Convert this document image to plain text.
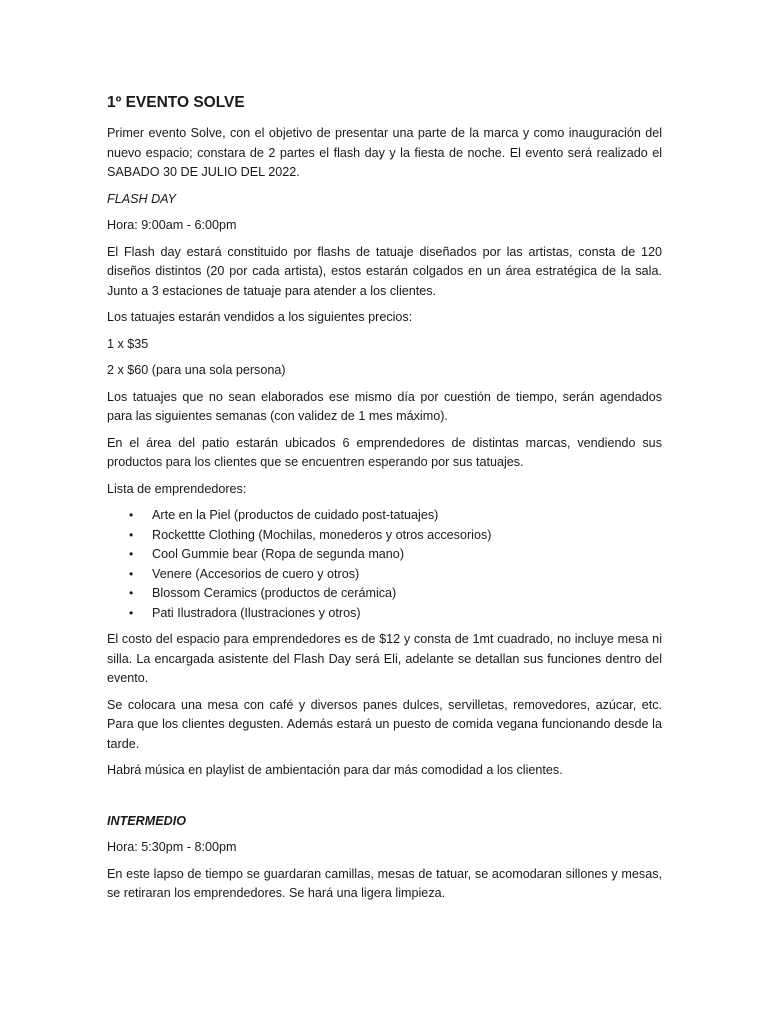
1º EVENTO SOLVE

Primer evento Solve, con el objetivo de presentar una parte de la marca y como inauguración del nuevo espacio; constara de 2 partes el flash day y la fiesta de noche. El evento será realizado el SABADO 30 DE JULIO DEL 2022.

FLASH DAY

Hora: 9:00am - 6:00pm

El Flash day estará constituido por flashs de tatuaje diseñados por las artistas, consta de 120 diseños distintos (20 por cada artista), estos estarán colgados en un área estratégica de la sala. Junto a 3 estaciones de tatuaje para atender a los clientes.

Los tatuajes estarán vendidos a los siguientes precios:

1 x $35

2 x $60 (para una sola persona)

Los tatuajes que no sean elaborados ese mismo día por cuestión de tiempo, serán agendados para las siguientes semanas (con validez de 1 mes máximo).

En el área del patio estarán ubicados 6 emprendedores de distintas marcas, vendiendo sus productos para los clientes que se encuentren esperando por sus tatuajes.

Lista de emprendedores:

• Arte en la Piel (productos de cuidado post-tatuajes)
• Rockettte Clothing (Mochilas, monederos y otros accesorios)
• Cool Gummie bear (Ropa de segunda mano)
• Venere (Accesorios de cuero y otros)
• Blossom Ceramics (productos de cerámica)
• Pati Ilustradora (Ilustraciones y otros)

El costo del espacio para emprendedores es de $12 y consta de 1mt cuadrado, no incluye mesa ni silla. La encargada asistente del Flash Day será Eli, adelante se detallan sus funciones dentro del evento.

Se colocara una mesa con café y diversos panes dulces, servilletas, removedores, azúcar, etc. Para que los clientes degusten. Además estará un puesto de comida vegana funcionando desde la tarde.

Habrá música en playlist de ambientación para dar más comodidad a los clientes.

INTERMEDIO

Hora: 5:30pm - 8:00pm

En este lapso de tiempo se guardaran camillas, mesas de tatuar, se acomodaran sillones y mesas, se retiraran los emprendedores. Se hará una ligera limpieza.
